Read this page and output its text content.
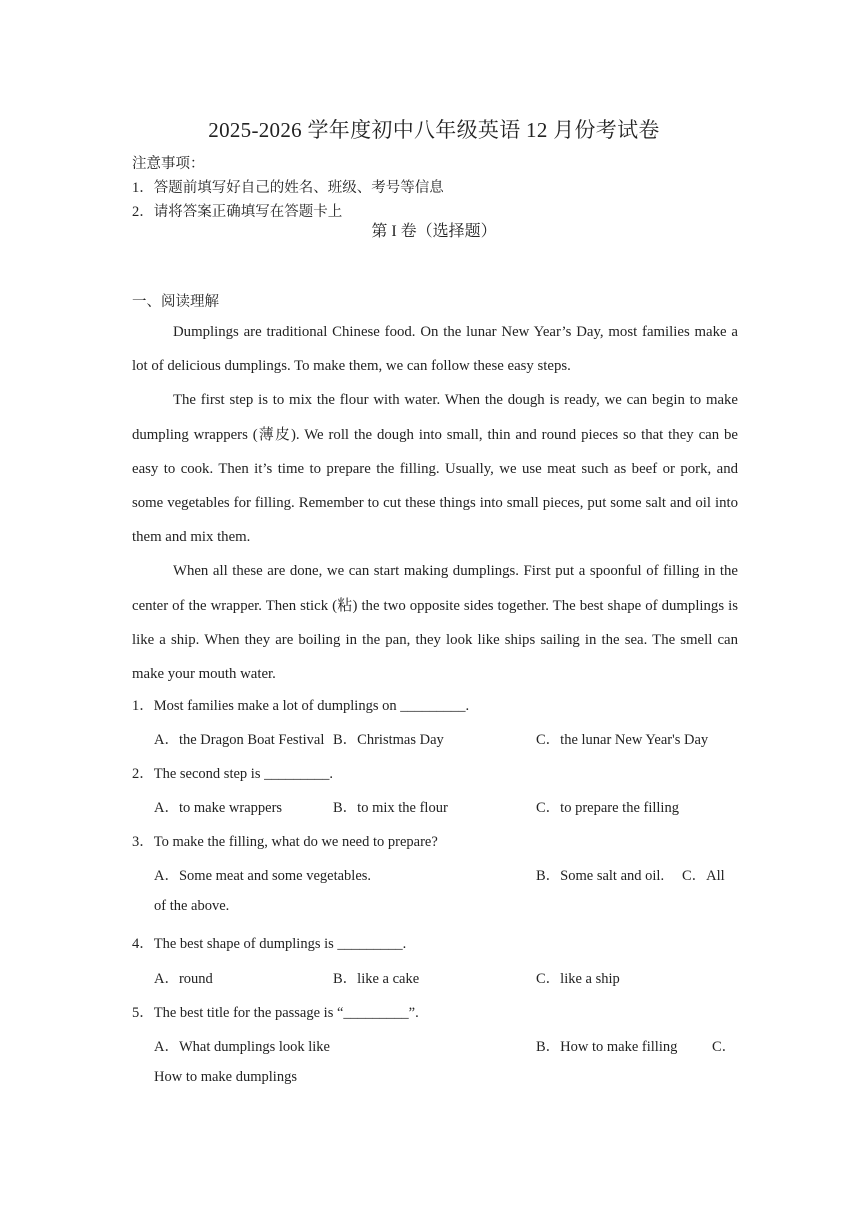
2025-2026 学年度初中八年级英语 12 月份考试卷
注意事项：
1．答题前填写好自己的姓名、班级、考号等信息
2．请将答案正确填写在答题卡上
第 I 卷（选择题）
一、阅读理解

Dumplings are traditional Chinese food. On the lunar New Year’s Day, most families make a lot of delicious dumplings. To make them, we can follow these easy steps.

The first step is to mix the flour with water. When the dough is ready, we can begin to make dumpling wrappers (薄皮). We roll the dough into small, thin and round pieces so that they can be easy to cook. Then it’s time to prepare the filling. Usually, we use meat such as beef or pork, and some vegetables for filling. Remember to cut these things into small pieces, put some salt and oil into them and mix them.

When all these are done, we can start making dumplings. First put a spoonful of filling in the center of the wrapper. Then stick (粘) the two opposite sides together. The best shape of dumplings is like a ship. When they are boiling in the pan, they look like ships sailing in the sea. The smell can make your mouth water.

1．Most families make a lot of dumplings on _________.
A．the Dragon Boat Festival B．Christmas Day	C．the lunar New Year's Day
2．The second step is _________.
A．to make wrappers	B．to mix the flour	C．to prepare the filling
3．To make the filling, what do we need to prepare?
A．Some meat and some vegetables.	B．Some salt and oil. C．All
of the above.
4．The best shape of dumplings is _________.
A．round	B．like a cake	C．like a ship
5．The best title for the passage is “_________”.
A．What dumplings look like	B．How to make filling C．
How to make dumplings
